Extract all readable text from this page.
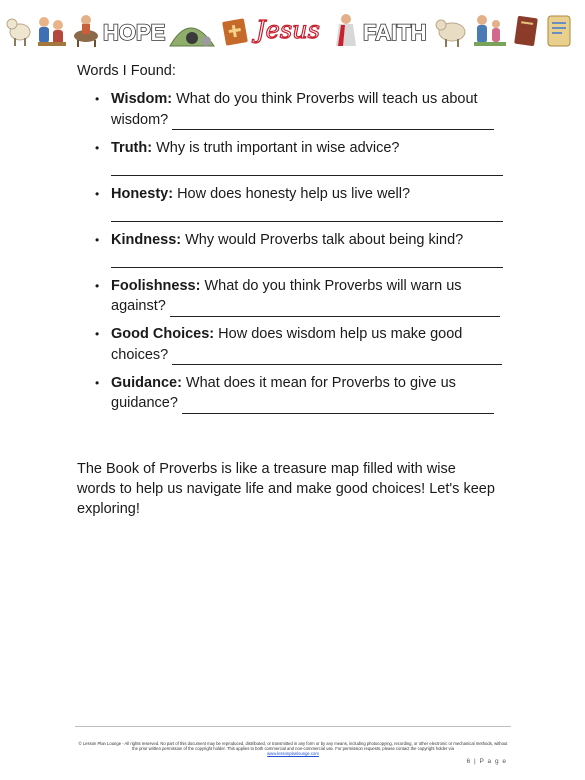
HOPE	Jesus FAITH
Words I Found:
• Wisdom: What do you think Proverbs will teach us about
wisdom?
• Truth: Why is truth important in wise advice?
• Honesty: How does honesty help us live well?
• Kindness: Why would Proverbs talk about being kind?
• Foolishness: What do you think Proverbs will warn us
against?
• Good Choices: How does wisdom help us make good
choices?
• Guidance: What does it mean for Proverbs to give us
guidance?
The Book of Proverbs is like a treasure map filled with wise words to help us navigate life and make good choices! Let's keep exploring!
© Lesson Plan Lounge - All rights reserved. No part of this document may be reproduced, distributed, or transmitted in any form or by any means, including photocopying, recording, or other electronic or mechanical methods, without the prior written permission of the copyright holder. This applies to both commercial and non-commercial use. For permission requests, please contact the copyright holder via
www.lessonplanlounge.com
6 | P a g e
